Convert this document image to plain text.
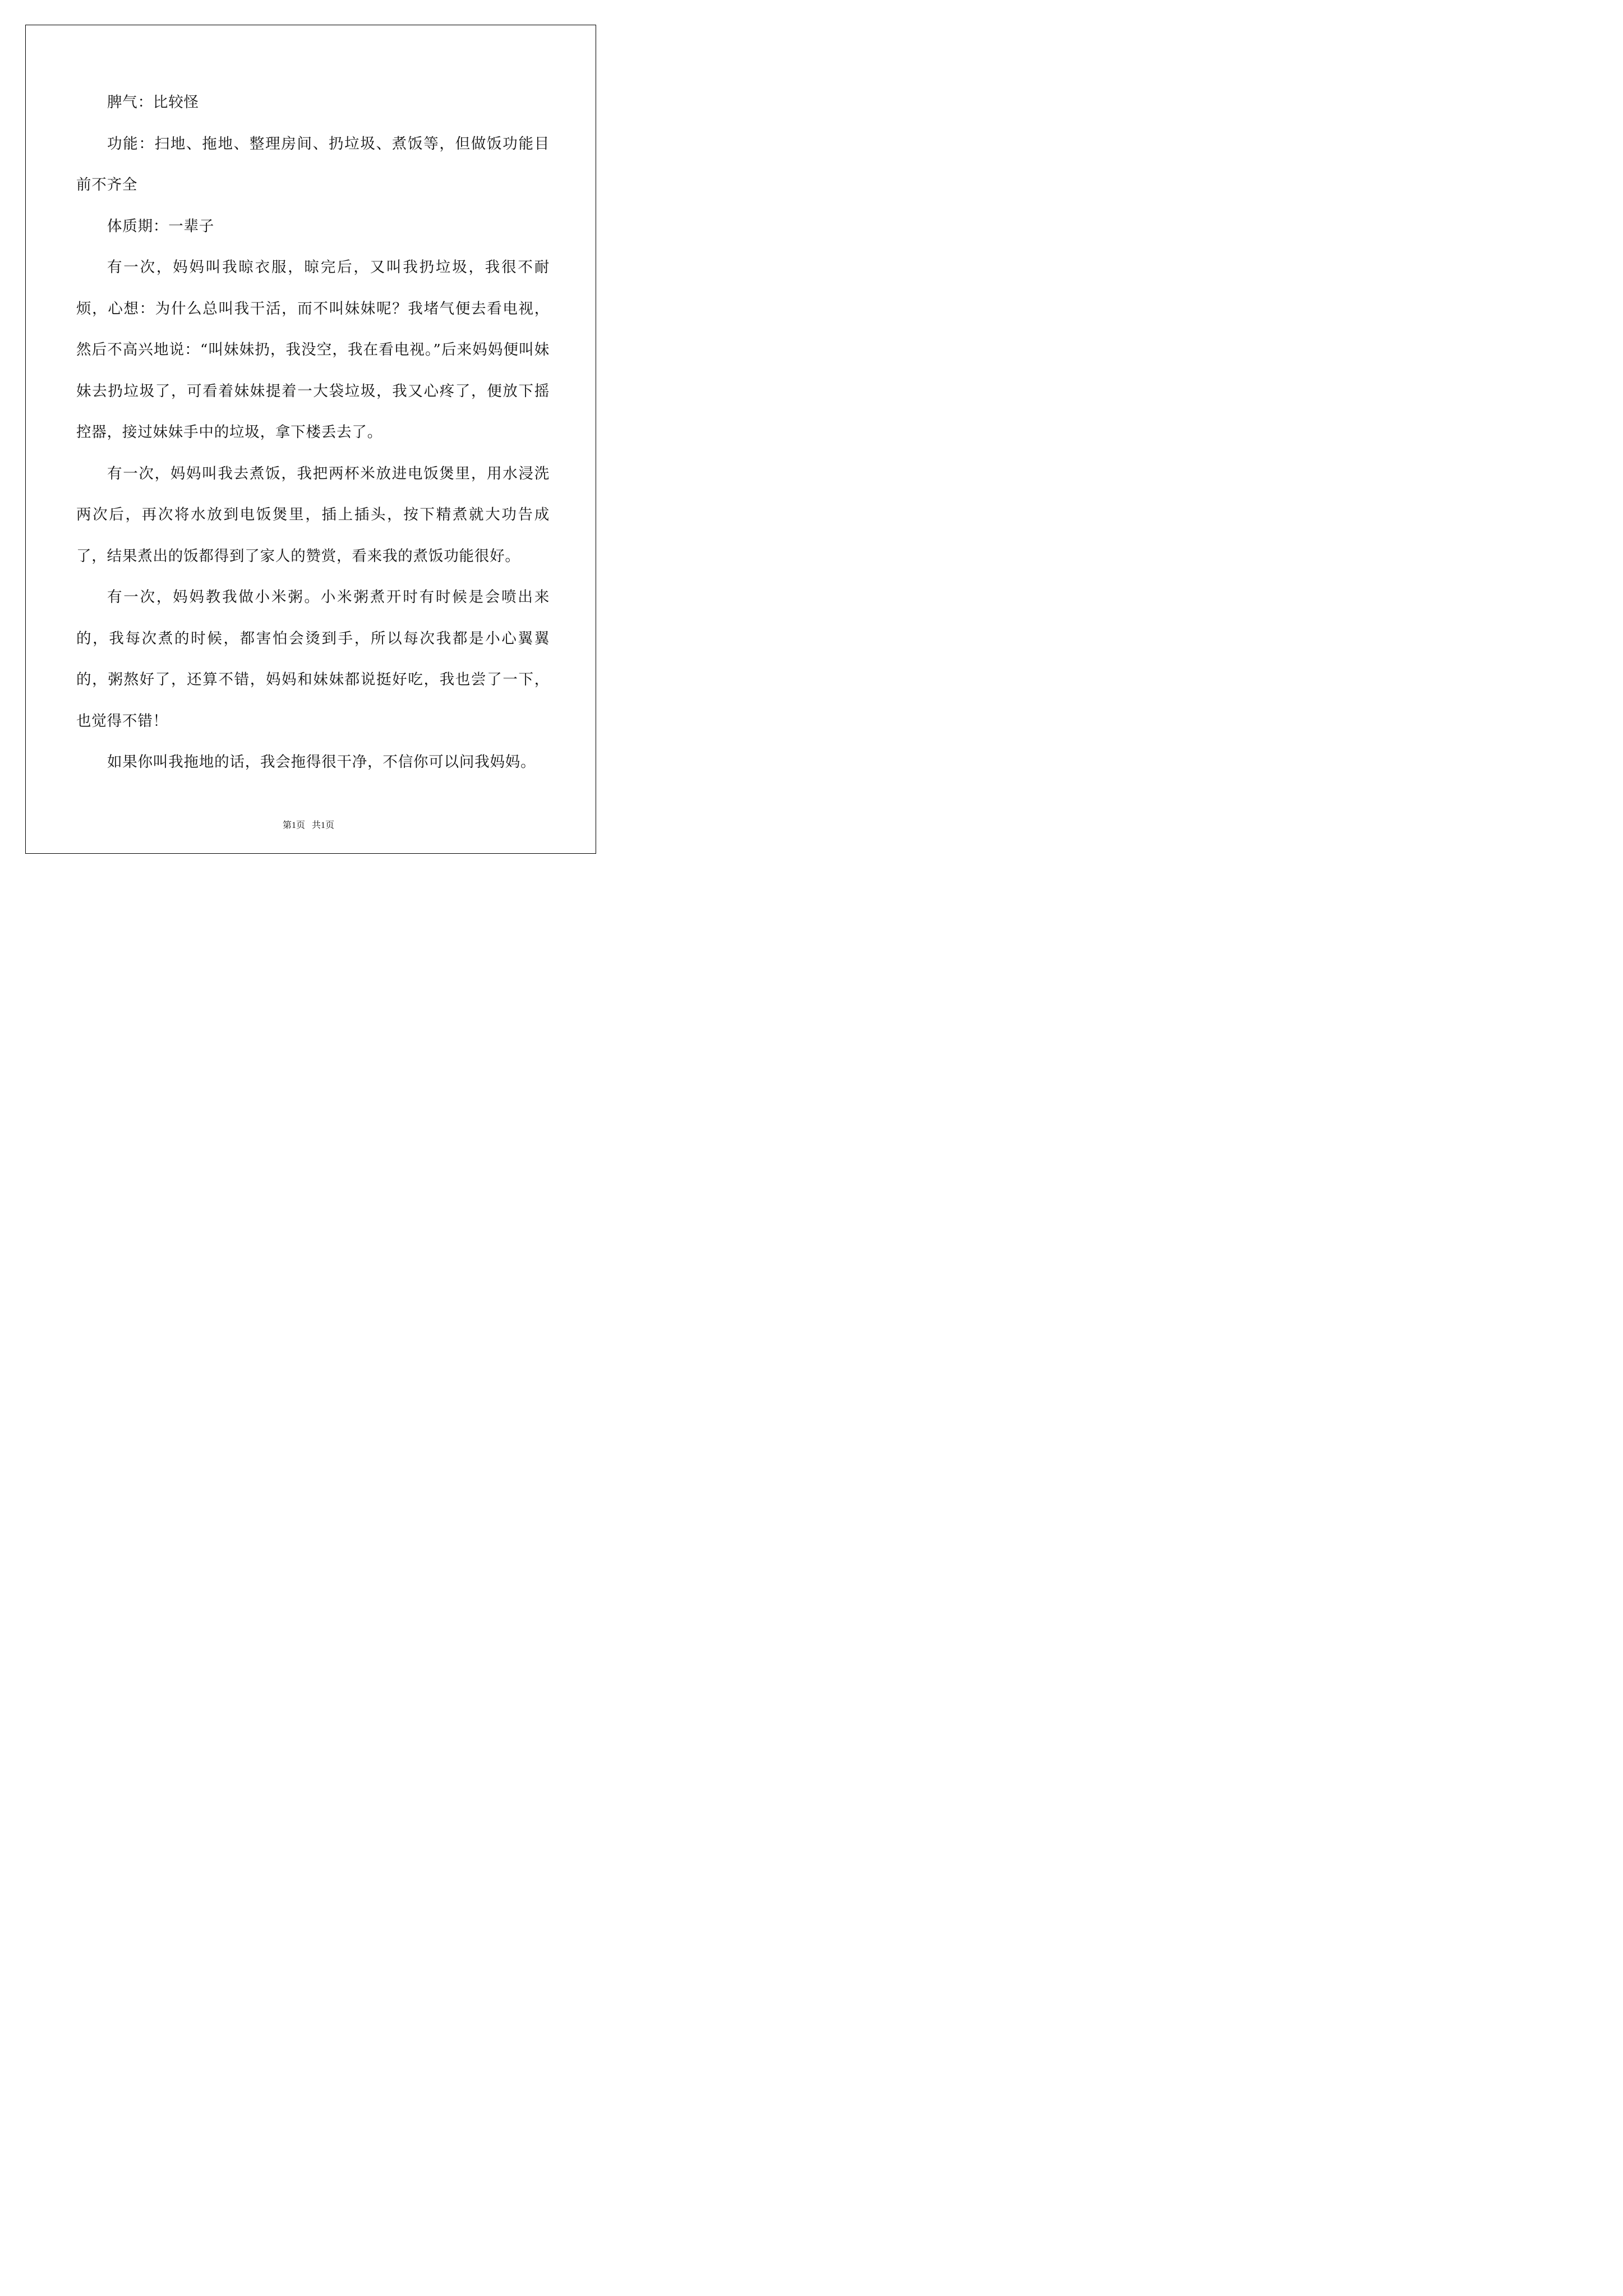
脾气：比较怪

功能：扫地、拖地、整理房间、扔垃圾、煮饭等，但做饭功能目前不齐全

体质期：一辈子

有一次，妈妈叫我晾衣服，晾完后，又叫我扔垃圾，我很不耐烦，心想：为什么总叫我干活，而不叫妹妹呢？我堵气便去看电视，然后不高兴地说：“叫妹妹扔，我没空，我在看电视。”后来妈妈便叫妹妹去扔垃圾了，可看着妹妹提着一大袋垃圾，我又心疼了，便放下摇控器，接过妹妹手中的垃圾，拿下楼丢去了。

有一次，妈妈叫我去煮饭，我把两杯米放进电饭煲里，用水浸洗两次后，再次将水放到电饭煲里，插上插头，按下精煮就大功告成了，结果煮出的饭都得到了家人的赞赏，看来我的煮饭功能很好。

有一次，妈妈教我做小米粥。小米粥煮开时有时候是会喷出来的，我每次煮的时候，都害怕会烫到手，所以每次我都是小心翼翼的，粥熬好了，还算不错，妈妈和妹妹都说挺好吃，我也尝了一下，也觉得不错！

如果你叫我拖地的话，我会拖得很干净，不信你可以问我妈妈。

第1页   共1页
